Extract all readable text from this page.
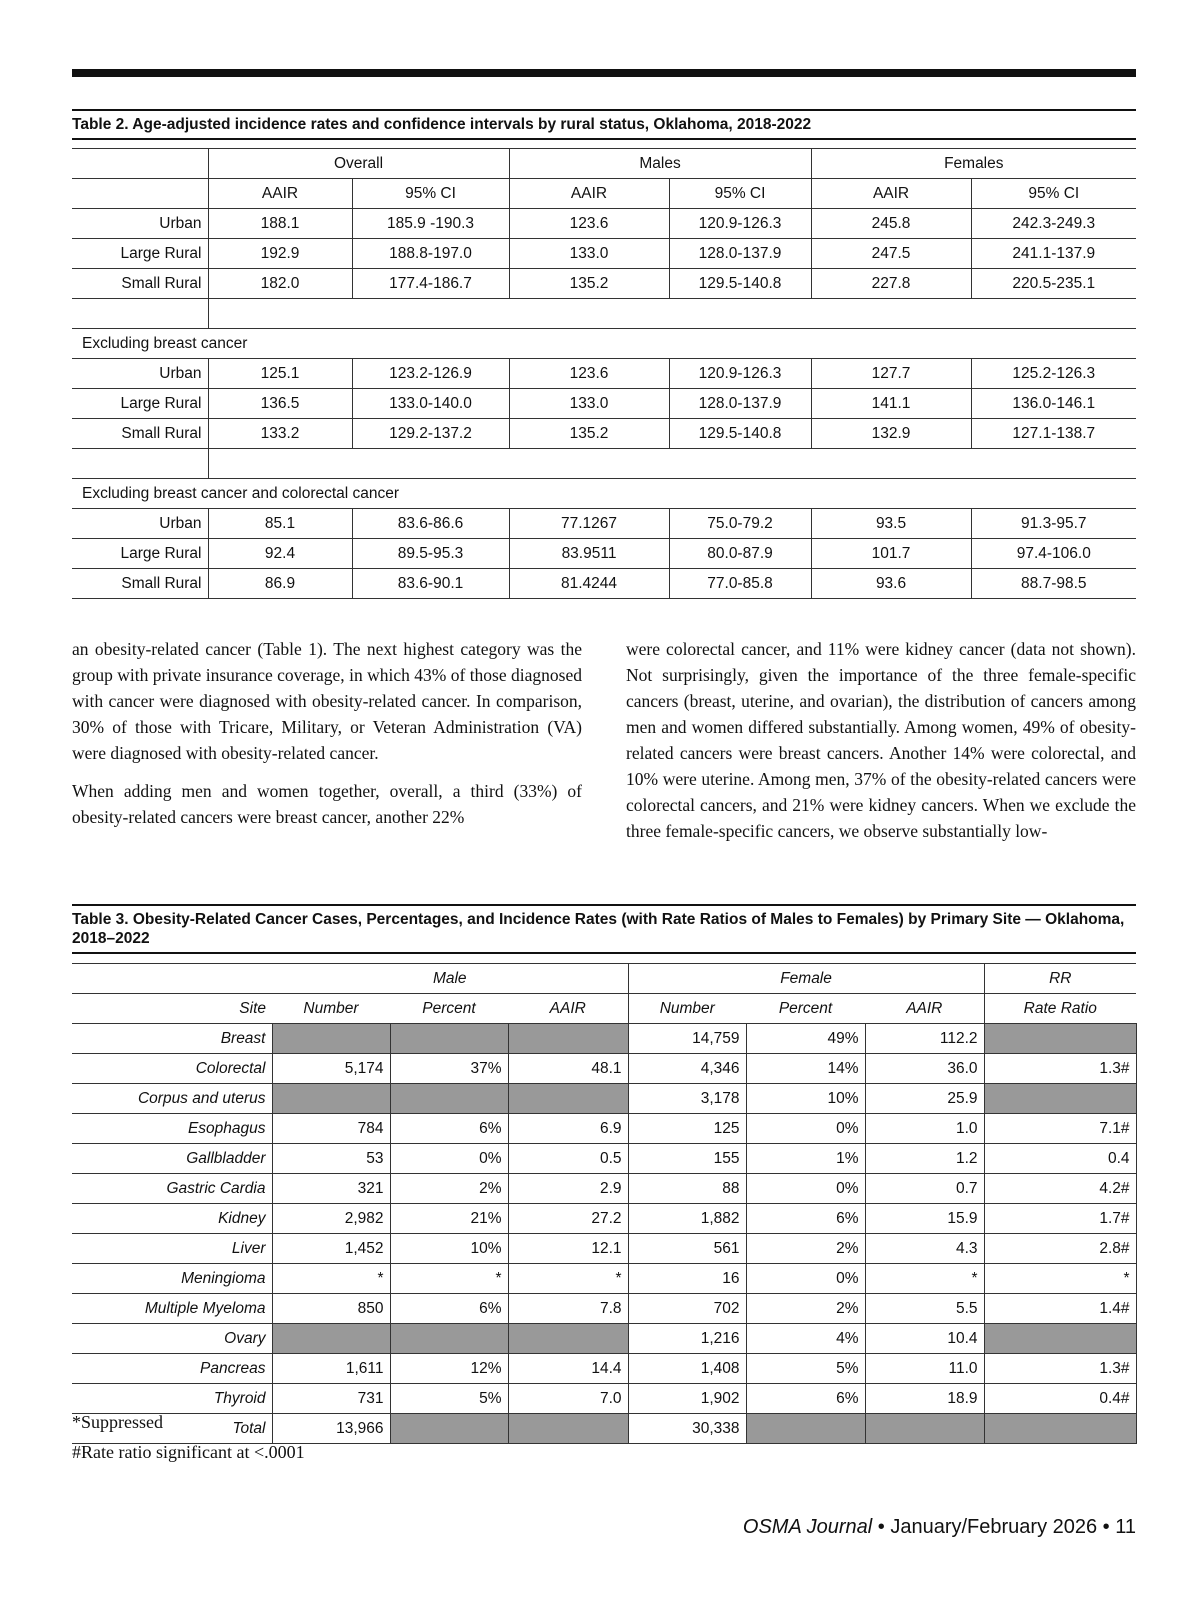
Table 2. Age-adjusted incidence rates and confidence intervals by rural status, Oklahoma, 2018-2022
	Overall		Males		Females	
	AAIR	95% CI	AAIR	95% CI	AAIR	95% CI
Urban	188.1	185.9 -190.3	123.6	120.9-126.3	245.8	242.3-249.3
Large Rural	192.9	188.8-197.0	133.0	128.0-137.9	247.5	241.1-137.9
Small Rural	182.0	177.4-186.7	135.2	129.5-140.8	227.8	220.5-235.1

Excluding breast cancer						
Urban	125.1	123.2-126.9	123.6	120.9-126.3	127.7	125.2-126.3
Large Rural	136.5	133.0-140.0	133.0	128.0-137.9	141.1	136.0-146.1
Small Rural	133.2	129.2-137.2	135.2	129.5-140.8	132.9	127.1-138.7

Excluding breast cancer and colorectal cancer						
Urban	85.1	83.6-86.6	77.1267	75.0-79.2	93.5	91.3-95.7
Large Rural	92.4	89.5-95.3	83.9511	80.0-87.9	101.7	97.4-106.0
Small Rural	86.9	83.6-90.1	81.4244	77.0-85.8	93.6	88.7-98.5

an obesity-related cancer (Table 1). The next highest category was the group with private insurance coverage, in which 43% of those diagnosed with cancer were diagnosed with obesity-related cancer. In comparison, 30% of those with Tricare, Military, or Veteran Administration (VA) were diagnosed with obesity-related cancer.

When adding men and women together, overall, a third (33%) of obesity-related cancers were breast cancer, another 22%

were colorectal cancer, and 11% were kidney cancer (data not shown). Not surprisingly, given the importance of the three female-specific cancers (breast, uterine, and ovarian), the distribution of cancers among men and women differed substantially. Among women, 49% of obesity-related cancers were breast cancers. Another 14% were colorectal, and 10% were uterine. Among men, 37% of the obesity-related cancers were colorectal cancers, and 21% were kidney cancers. When we exclude the three female-specific cancers, we observe substantially low-

Table 3. Obesity-Related Cancer Cases, Percentages, and Incidence Rates (with Rate Ratios of Males to Females) by Primary Site — Oklahoma, 2018–2022
	Male			Female			RR
Site	Number	Percent	AAIR	Number	Percent	AAIR	Rate Ratio
Breast				14,759	49%	112.2	
Colorectal	5,174	37%	48.1	4,346	14%	36.0	1.3#
Corpus and uterus				3,178	10%	25.9	
Esophagus	784	6%	6.9	125	0%	1.0	7.1#
Gallbladder	53	0%	0.5	155	1%	1.2	0.4
Gastric Cardia	321	2%	2.9	88	0%	0.7	4.2#
Kidney	2,982	21%	27.2	1,882	6%	15.9	1.7#
Liver	1,452	10%	12.1	561	2%	4.3	2.8#
Meningioma	*	*	*	16	0%	*	*
Multiple Myeloma	850	6%	7.8	702	2%	5.5	1.4#
Ovary				1,216	4%	10.4	
Pancreas	1,611	12%	14.4	1,408	5%	11.0	1.3#
Thyroid	731	5%	7.0	1,902	6%	18.9	0.4#
Total	13,966			30,338			
*Suppressed
#Rate ratio significant at <.0001
OSMA Journal • January/February 2026 • 11
